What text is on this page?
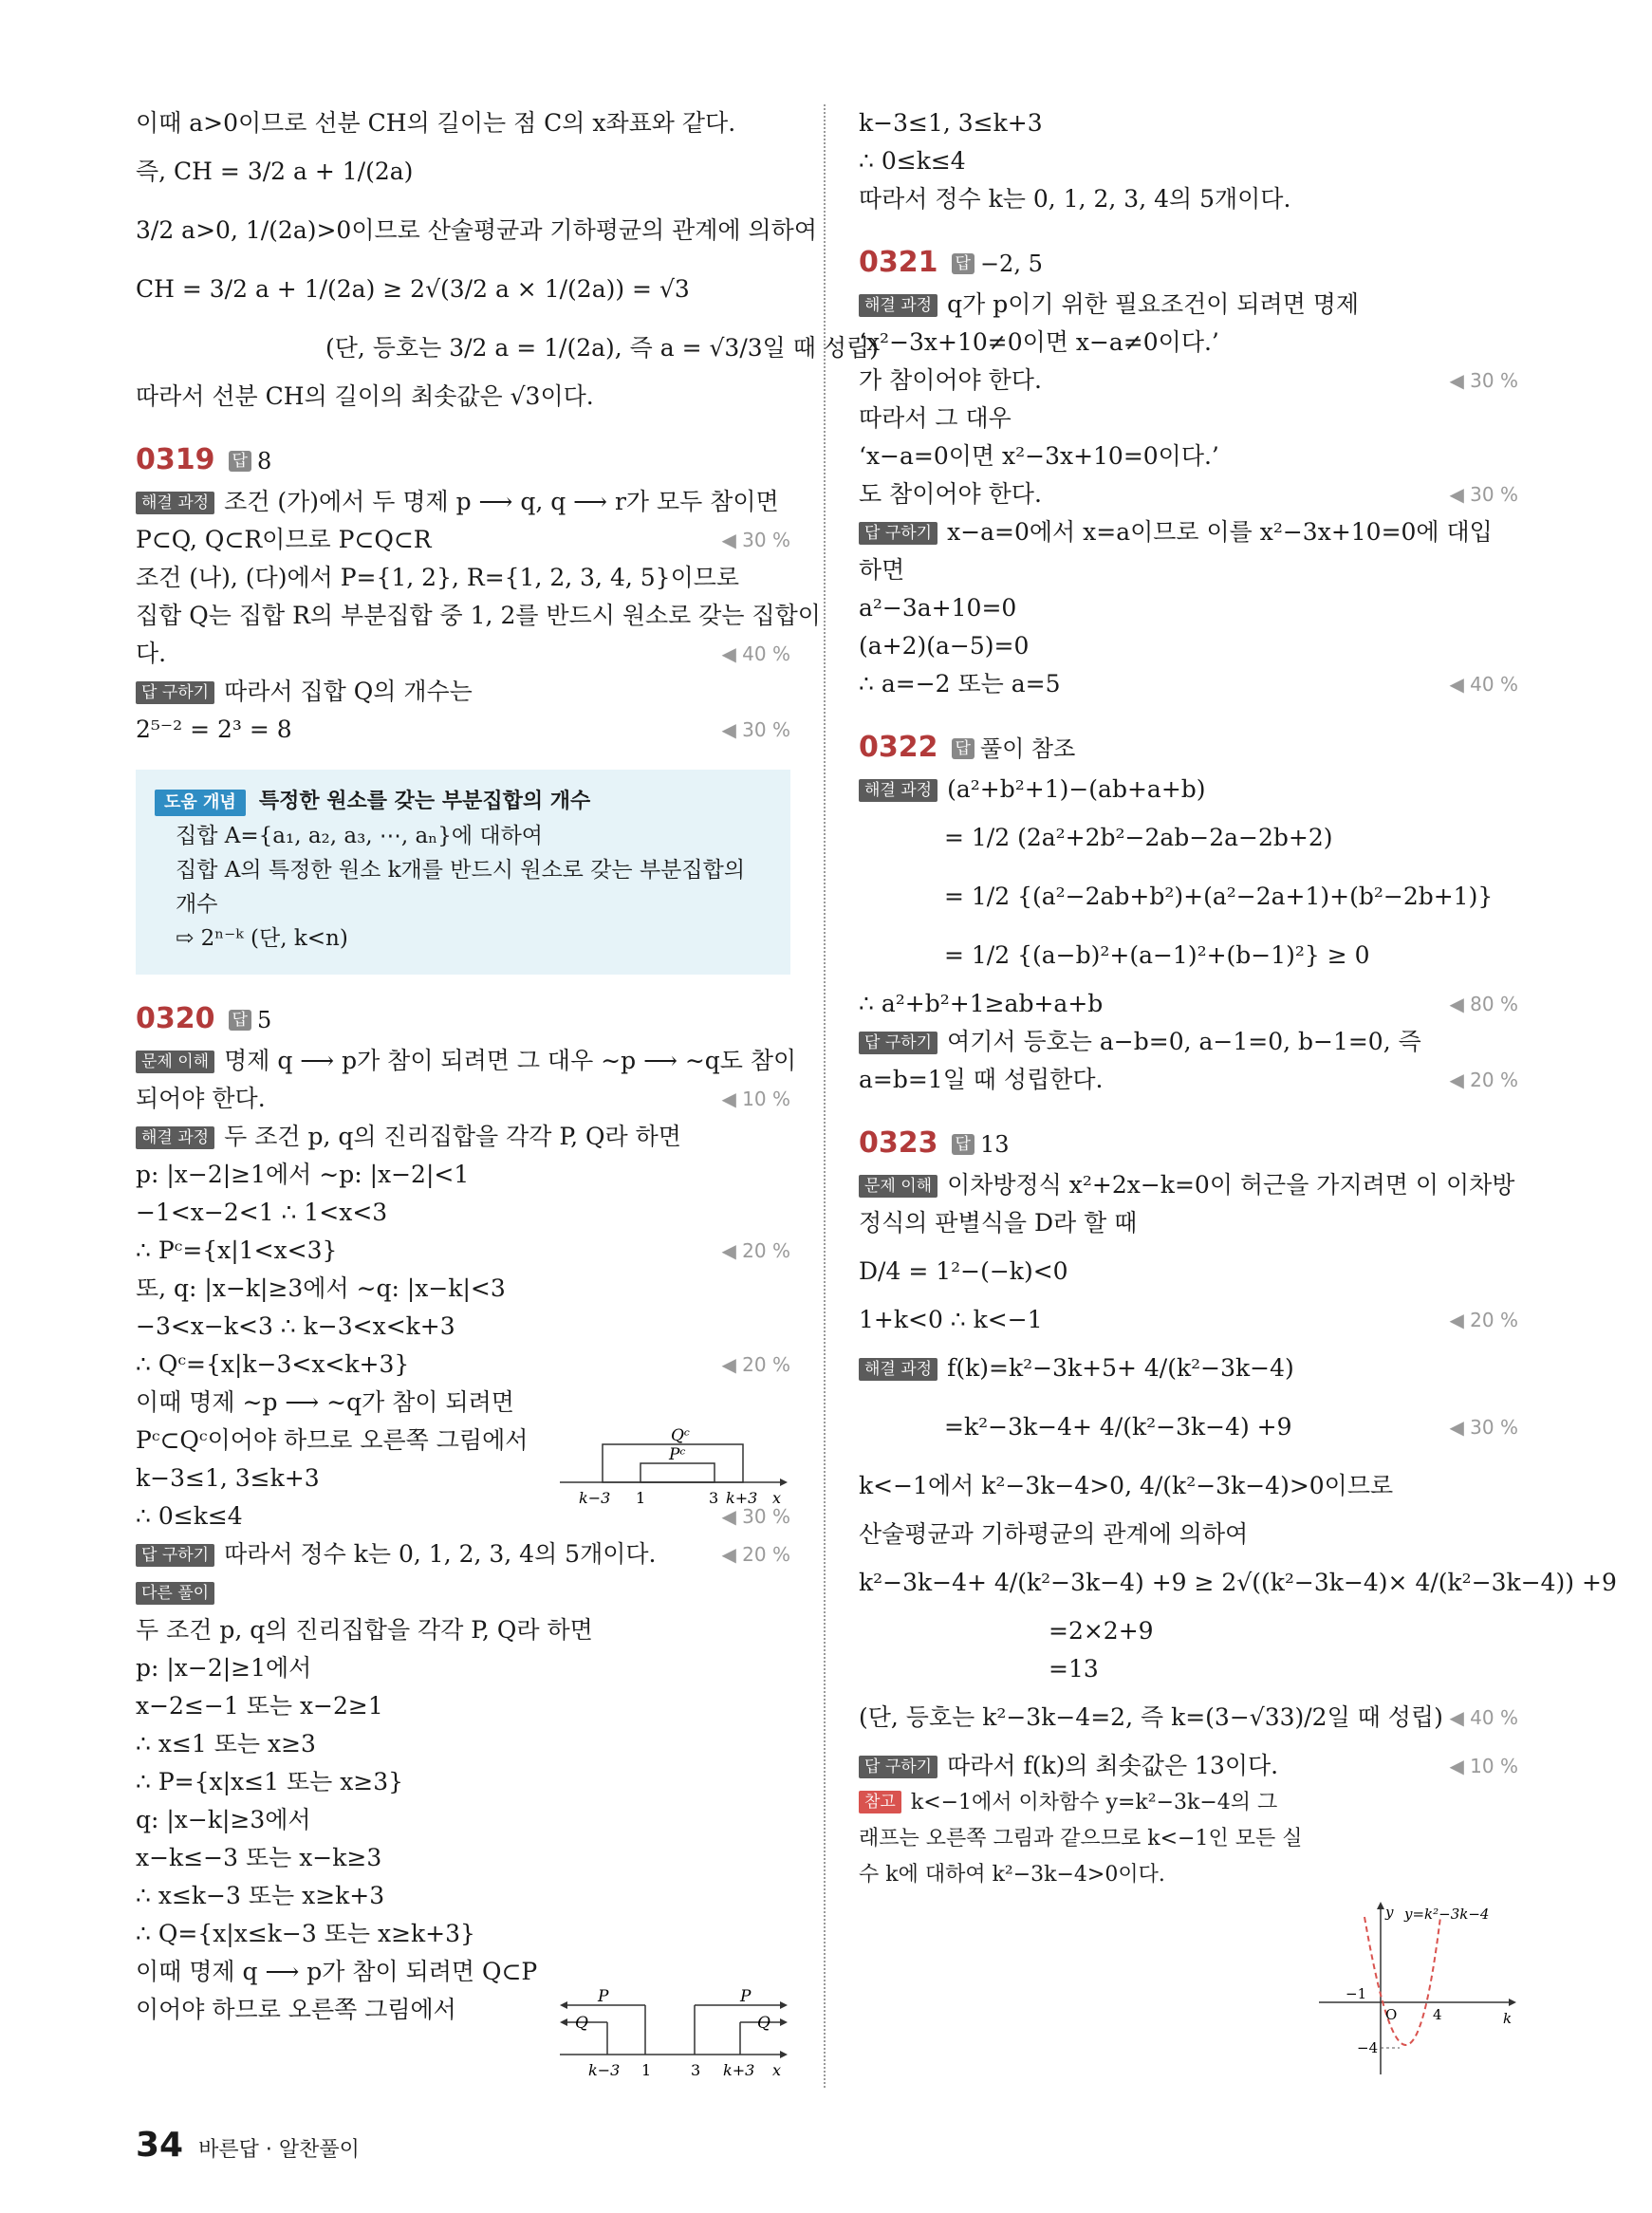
이때 a>0이므로 선분 CH의 길이는 점 C의 x좌표와 같다.
즉, CH = 3/2 a + 1/(2a)
3/2 a>0, 1/(2a)>0이므로 산술평균과 기하평균의 관계에 의하여
CH = 3/2 a + 1/(2a) ≥ 2√(3/2 a × 1/(2a)) = √3
(단, 등호는 3/2 a = 1/(2a), 즉 a = √3/3일 때 성립)
따라서 선분 CH의 길이의 최솟값은 √3이다.
0319 답 8
해결 과정 조건 (가)에서 두 명제 p ⟶ q, q ⟶ r가 모두 참이면
P⊂Q, Q⊂R이므로 P⊂Q⊂R	◀ 30 %
조건 (나), (다)에서 P={1, 2}, R={1, 2, 3, 4, 5}이므로
집합 Q는 집합 R의 부분집합 중 1, 2를 반드시 원소로 갖는 집합이
다.	◀ 40 %
답 구하기 따라서 집합 Q의 개수는
2⁵⁻² = 2³ = 8	◀ 30 %
도움 개념 특정한 원소를 갖는 부분집합의 개수
집합 A={a₁, a₂, a₃, ⋯, aₙ}에 대하여
집합 A의 특정한 원소 k개를 반드시 원소로 갖는 부분집합의 개수
⇨ 2ⁿ⁻ᵏ (단, k<n)
0320 답 5
문제 이해 명제 q ⟶ p가 참이 되려면 그 대우 ∼p ⟶ ∼q도 참이
되어야 한다.	◀ 10 %
해결 과정 두 조건 p, q의 진리집합을 각각 P, Q라 하면
p: |x−2|≥1에서 ∼p: |x−2|<1
−1<x−2<1 ∴ 1<x<3
∴ Pᶜ={x|1<x<3}	◀ 20 %
또, q: |x−k|≥3에서 ∼q: |x−k|<3
−3<x−k<3 ∴ k−3<x<k+3
∴ Qᶜ={x|k−3<x<k+3}	◀ 20 %
이때 명제 ∼p ⟶ ∼q가 참이 되려면
Pᶜ⊂Qᶜ이어야 하므로 오른쪽 그림에서
k−3≤1, 3≤k+3
∴ 0≤k≤4	◀ 30 %
답 구하기 따라서 정수 k는 0, 1, 2, 3, 4의 5개이다.	◀ 20 %
다른 풀이
두 조건 p, q의 진리집합을 각각 P, Q라 하면
p: |x−2|≥1에서
x−2≤−1 또는 x−2≥1
∴ x≤1 또는 x≥3
∴ P={x|x≤1 또는 x≥3}
q: |x−k|≥3에서
x−k≤−3 또는 x−k≥3
∴ x≤k−3 또는 x≥k+3
∴ Q={x|x≤k−3 또는 x≥k+3}
이때 명제 q ⟶ p가 참이 되려면 Q⊂P
이어야 하므로 오른쪽 그림에서
Qᶜ
Pᶜ
k−3 1	3 k+3 x
P	P
Q	Q
k−3 1	3 k+3 x
k−3≤1, 3≤k+3
∴ 0≤k≤4
따라서 정수 k는 0, 1, 2, 3, 4의 5개이다.
0321 답 −2, 5
해결 과정 q가 p이기 위한 필요조건이 되려면 명제
‘x²−3x+10≠0이면 x−a≠0이다.’
가 참이어야 한다.	◀ 30 %
따라서 그 대우
‘x−a=0이면 x²−3x+10=0이다.’
도 참이어야 한다.	◀ 30 %
답 구하기 x−a=0에서 x=a이므로 이를 x²−3x+10=0에 대입
하면
a²−3a+10=0
(a+2)(a−5)=0
∴ a=−2 또는 a=5	◀ 40 %
0322 답 풀이 참조
해결 과정 (a²+b²+1)−(ab+a+b)
= 1/2 (2a²+2b²−2ab−2a−2b+2)
= 1/2 {(a²−2ab+b²)+(a²−2a+1)+(b²−2b+1)}
= 1/2 {(a−b)²+(a−1)²+(b−1)²} ≥ 0
∴ a²+b²+1≥ab+a+b	◀ 80 %
답 구하기 여기서 등호는 a−b=0, a−1=0, b−1=0, 즉
a=b=1일 때 성립한다.	◀ 20 %
0323 답 13
문제 이해 이차방정식 x²+2x−k=0이 허근을 가지려면 이 이차방
정식의 판별식을 D라 할 때
D/4 = 1²−(−k)<0
1+k<0 ∴ k<−1	◀ 20 %
해결 과정 f(k)=k²−3k+5+ 4/(k²−3k−4)
=k²−3k−4+ 4/(k²−3k−4) +9	◀ 30 %
k<−1에서 k²−3k−4>0, 4/(k²−3k−4)>0이므로
산술평균과 기하평균의 관계에 의하여
k²−3k−4+ 4/(k²−3k−4) +9 ≥ 2√((k²−3k−4)× 4/(k²−3k−4)) +9
=2×2+9
=13
(단, 등호는 k²−3k−4=2, 즉 k=(3−√33)/2일 때 성립) ◀ 40 %
답 구하기 따라서 f(k)의 최솟값은 13이다.	◀ 10 %
참고 k<−1에서 이차함수 y=k²−3k−4의 그
래프는 오른쪽 그림과 같으므로 k<−1인 모든 실
수 k에 대하여 k²−3k−4>0이다.
y y=k²−3k−4
k
−1
O	4
−4
34 바른답 · 알찬풀이
